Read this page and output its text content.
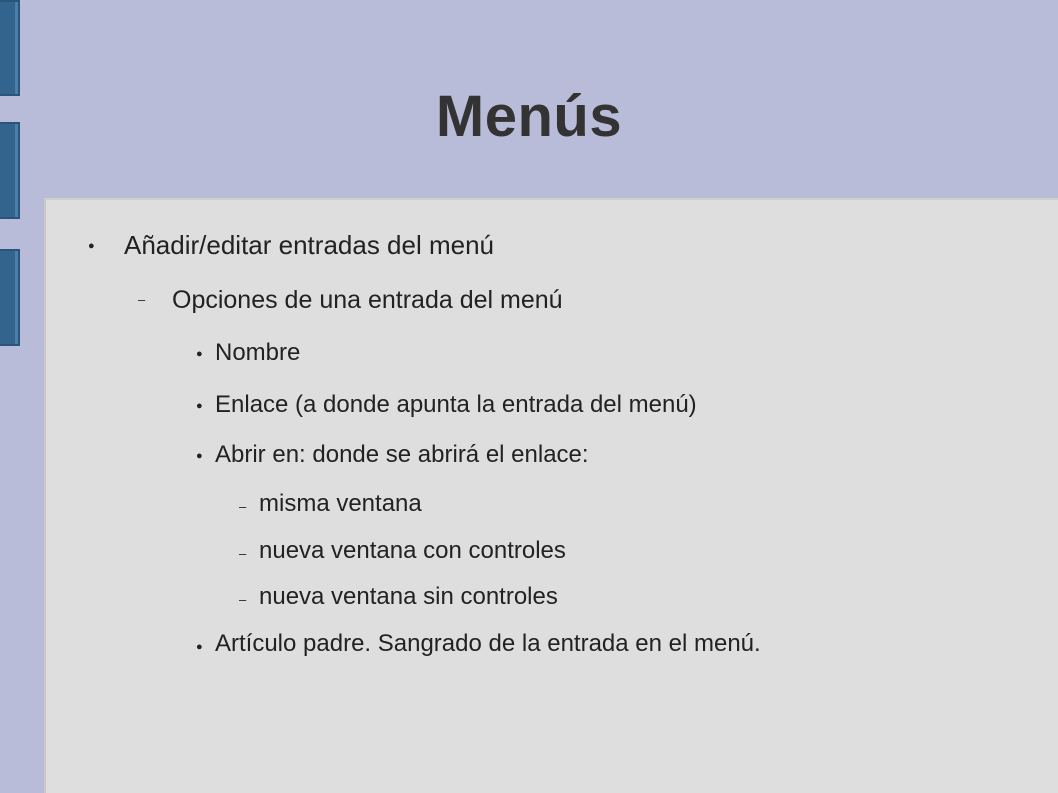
Menús
● Añadir/editar entradas del menú
– Opciones de una entrada del menú
● Nombre
● Enlace (a donde apunta la entrada del menú)
● Abrir en: donde se abrirá el enlace:
– misma ventana
– nueva ventana con controles
– nueva ventana sin controles
● Artículo padre. Sangrado de la entrada en el menú.
